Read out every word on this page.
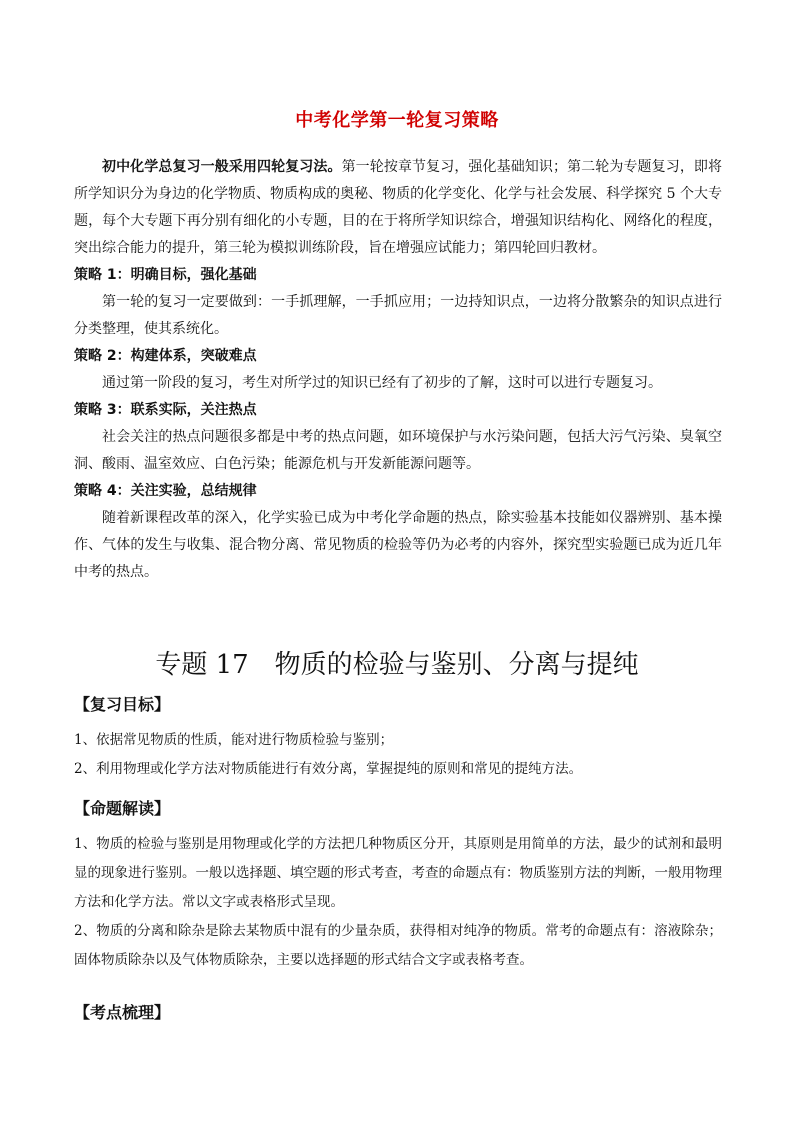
中考化学第一轮复习策略

初中化学总复习一般采用四轮复习法。第一轮按章节复习，强化基础知识；第二轮为专题复习，即将所学知识分为身边的化学物质、物质构成的奥秘、物质的化学变化、化学与社会发展、科学探究 5 个大专题，每个大专题下再分别有细化的小专题，目的在于将所学知识综合，增强知识结构化、网络化的程度，突出综合能力的提升，第三轮为模拟训练阶段，旨在增强应试能力；第四轮回归教材。

策略 1：明确目标，强化基础

第一轮的复习一定要做到：一手抓理解，一手抓应用；一边持知识点，一边将分散繁杂的知识点进行分类整理，使其系统化。

策略 2：构建体系，突破难点

通过第一阶段的复习，考生对所学过的知识已经有了初步的了解，这时可以进行专题复习。

策略 3：联系实际，关注热点

社会关注的热点问题很多都是中考的热点问题，如环境保护与水污染问题，包括大污气污染、臭氧空洞、酸雨、温室效应、白色污染；能源危机与开发新能源问题等。

策略 4：关注实验，总结规律

随着新课程改革的深入，化学实验已成为中考化学命题的热点，除实验基本技能如仪器辨别、基本操作、气体的发生与收集、混合物分离、常见物质的检验等仍为必考的内容外，探究型实验题已成为近几年中考的热点。

专题 17　物质的检验与鉴别、分离与提纯
【复习目标】

1、依据常见物质的性质，能对进行物质检验与鉴别；

2、利用物理或化学方法对物质能进行有效分离，掌握提纯的原则和常见的提纯方法。

【命题解读】

1、物质的检验与鉴别是用物理或化学的方法把几种物质区分开，其原则是用简单的方法，最少的试剂和最明显的现象进行鉴别。一般以选择题、填空题的形式考查，考查的命题点有：物质鉴别方法的判断，一般用物理方法和化学方法。常以文字或表格形式呈现。

2、物质的分离和除杂是除去某物质中混有的少量杂质，获得相对纯净的物质。常考的命题点有：溶液除杂；固体物质除杂以及气体物质除杂，主要以选择题的形式结合文字或表格考查。

【考点梳理】
